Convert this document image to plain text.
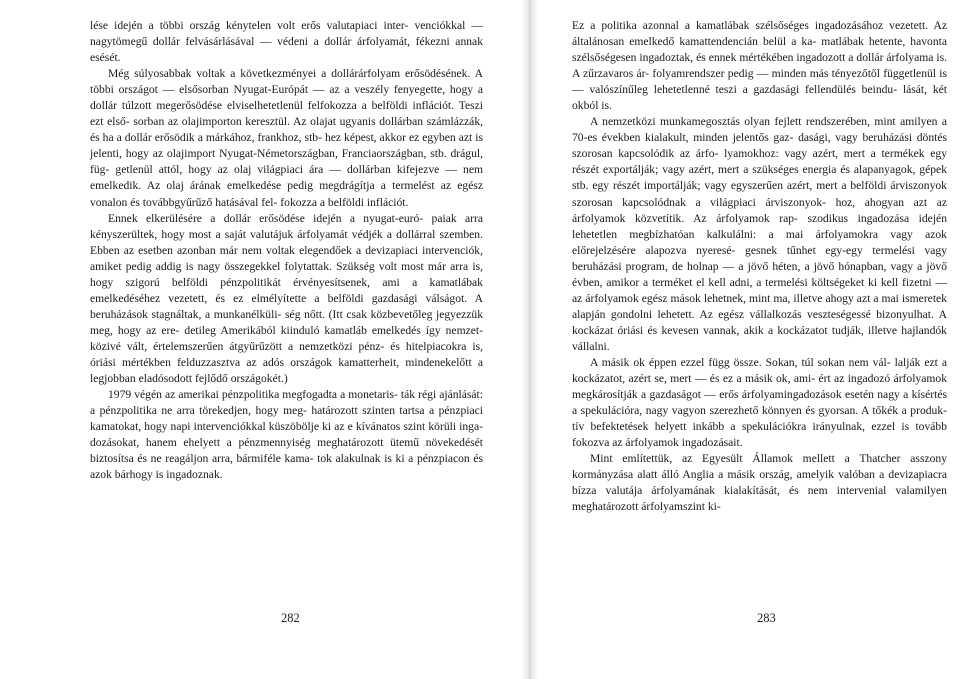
lése idején a többi ország kénytelen volt erős valutapiaci inter- venciókkal — nagytömegű dollár felvásárlásával — védeni a dollár árfolyamát, fékezni annak esését.

Még súlyosabbak voltak a következményei a dollárárfolyam erősödésének. A többi országot — elsősorban Nyugat-Európát — az a veszély fenyegette, hogy a dollár túlzott megerősödése elviselhetetlenül felfokozza a belföldi inflációt. Teszi ezt első- sorban az olajimporton keresztül. Az olajat ugyanis dollárban számlázzák, és ha a dollár erősödik a márkához, frankhoz, stb- hez képest, akkor ez egyben azt is jelenti, hogy az olajimport Nyugat-Németországban, Franciaországban, stb. drágul, füg- getlenül attól, hogy az olaj világpiaci ára — dollárban kifejezve — nem emelkedik. Az olaj árának emelkedése pedig megdrágítja a termelést az egész vonalon és továbbgyűrűző hatásával fel- fokozza a belföldi inflációt.

Ennek elkerülésére a dollár erősödése idején a nyugat-euró- paiak arra kényszerültek, hogy most a saját valutájuk árfolyamát védjék a dollárral szemben. Ebben az esetben azonban már nem voltak elegendőek a devizapiaci intervenciók, amiket pedig addig is nagy összegekkel folytattak. Szükség volt most már arra is, hogy szigorú belföldi pénzpolitikát érvényesítsenek, ami a kamatlábak emelkedéséhez vezetett, és ez elmélyítette a belföldi gazdasági válságot. A beruházások stagnáltak, a munkanélküli- ség nőtt. (Itt csak közbevetőleg jegyezzük meg, hogy az ere- detileg Amerikából kiinduló kamatláb emelkedés így nemzet- közivé vált, értelemszerűen átgyűrűzött a nemzetközi pénz- és hitelpiacokra is, óriási mértékben felduzzasztva az adós országok kamatterheit, mindenekelőtt a legjobban eladósodott fejlődő országokét.)

1979 végén az amerikai pénzpolitika megfogadta a monetaris- ták régi ajánlását: a pénzpolitika ne arra törekedjen, hogy meg- határozott szinten tartsa a pénzpiaci kamatokat, hogy napi intervenciókkal küszöbölje ki az e kívánatos szint körüli inga- dozásokat, hanem ehelyett a pénzmennyiség meghatározott ütemű növekedését biztosítsa és ne reagáljon arra, bármiféle kama- tok alakulnak is ki a pénzpiacon és azok bárhogy is ingadoznak.

282

Ez a politika azonnal a kamatlábak szélsőséges ingadozásához vezetett. Az általánosan emelkedő kamattendencián belül a ka- matlábak hetente, havonta szélsőségesen ingadoztak, és ennek mértékében ingadozott a dollár árfolyama is. A zűrzavaros ár- folyamrendszer pedig — minden más tényezőtől függetlenül is — valószínűleg lehetetlenné teszi a gazdasági fellendülés beindu- lását, két okból is.

A nemzetközi munkamegosztás olyan fejlett rendszerében, mint amilyen a 70-es években kialakult, minden jelentős gaz- dasági, vagy beruházási döntés szorosan kapcsolódik az árfo- lyamokhoz: vagy azért, mert a termékek egy részét exportálják; vagy azért, mert a szükséges energia és alapanyagok, gépek stb. egy részét importálják; vagy egyszerűen azért, mert a belföldi árviszonyok szorosan kapcsolódnak a világpiaci árviszonyok- hoz, ahogyan azt az árfolyamok közvetítik. Az árfolyamok rap- szodikus ingadozása idején lehetetlen megbízhatóan kalkulálni: a mai árfolyamokra vagy azok előrejelzésére alapozva nyeresé- gesnek tűnhet egy-egy termelési vagy beruházási program, de holnap — a jövő héten, a jövő hónapban, vagy a jövő évben, amikor a terméket el kell adni, a termelési költségeket ki kell fizetni — az árfolyamok egész mások lehetnek, mint ma, illetve ahogy azt a mai ismeretek alapján gondolni lehetett. Az egész vállalkozás veszteségessé bizonyulhat. A kockázat óriási és kevesen vannak, akik a kockázatot tudják, illetve hajlandók vállalni.

A másik ok éppen ezzel függ össze. Sokan, túl sokan nem vál- lalják ezt a kockázatot, azért se, mert — és ez a másik ok, ami- ért az ingadozó árfolyamok megkárosítják a gazdaságot — erős árfolyamingadozások esetén nagy a kísértés a spekulációra, nagy vagyon szerezhető könnyen és gyorsan. A tőkék a produk- tív befektetések helyett inkább a spekulációkra irányulnak, ezzel is tovább fokozva az árfolyamok ingadozásait.

Mint említettük, az Egyesült Államok mellett a Thatcher asszony kormányzása alatt álló Anglia a másik ország, amelyik valóban a devizapiacra bízza valutája árfolyamának kialakítását, és nem intervenial valamilyen meghatározott árfolyamszint ki-

283
